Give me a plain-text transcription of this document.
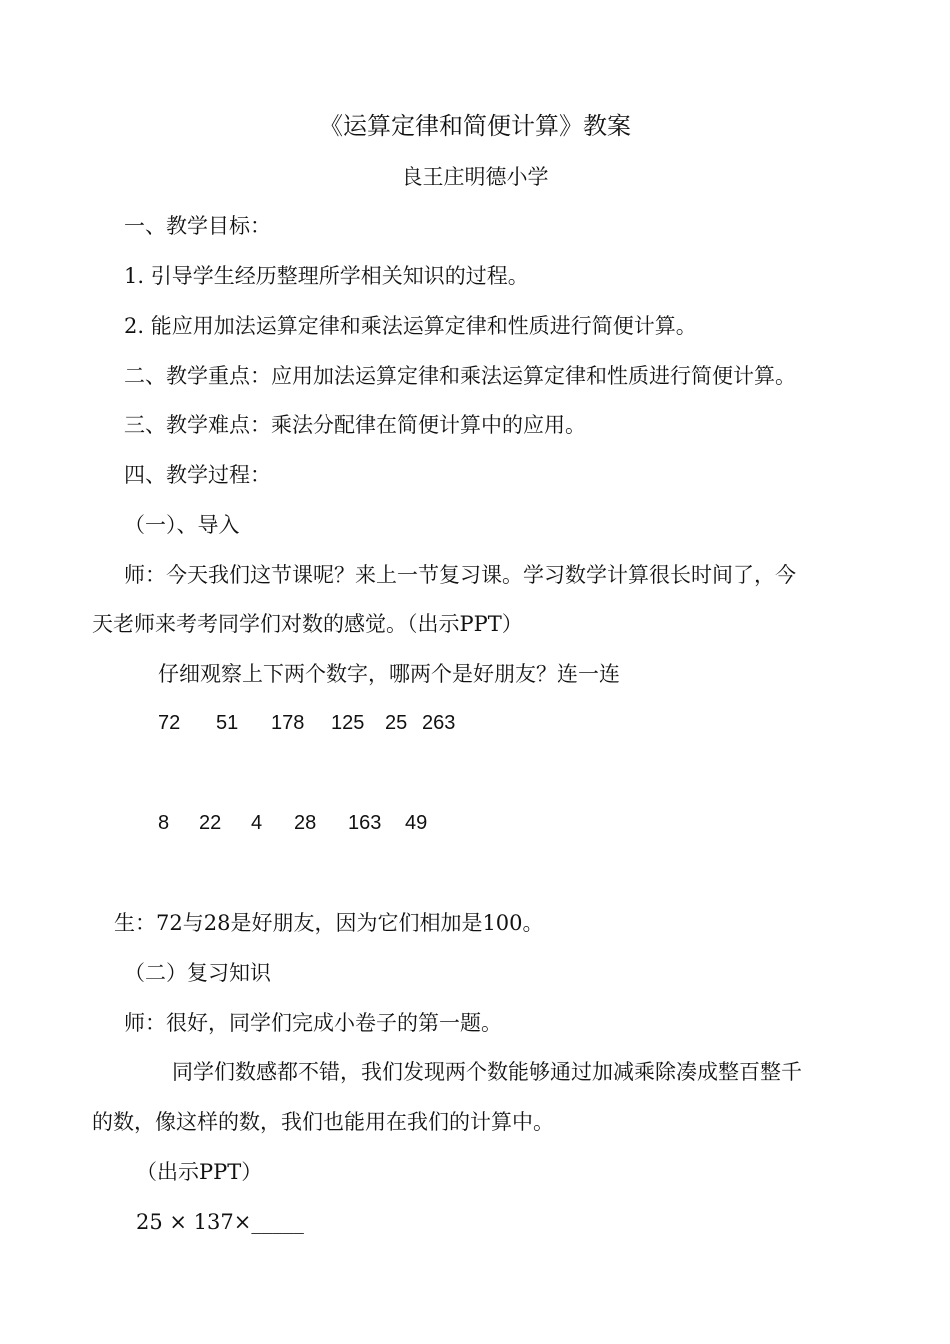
《运算定律和简便计算》教案
良王庄明德小学
一、教学目标：
1. 引导学生经历整理所学相关知识的过程。
2. 能应用加法运算定律和乘法运算定律和性质进行简便计算。
二、教学重点：应用加法运算定律和乘法运算定律和性质进行简便计算。
三、教学难点：乘法分配律在简便计算中的应用。
四、教学过程：
（一）、导入
师：今天我们这节课呢？来上一节复习课。学习数学计算很长时间了，今
天老师来考考同学们对数的感觉。（出示PPT）
仔细观察上下两个数字，哪两个是好朋友？连一连
72 51 178 125 25 263
8 22 4 28 163 49
生：72与28是好朋友，因为它们相加是100。
（二）复习知识
师：很好，同学们完成小卷子的第一题。
同学们数感都不错，我们发现两个数能够通过加减乘除凑成整百整千
的数，像这样的数，我们也能用在我们的计算中。
（出示PPT）
25 × 137×_____
